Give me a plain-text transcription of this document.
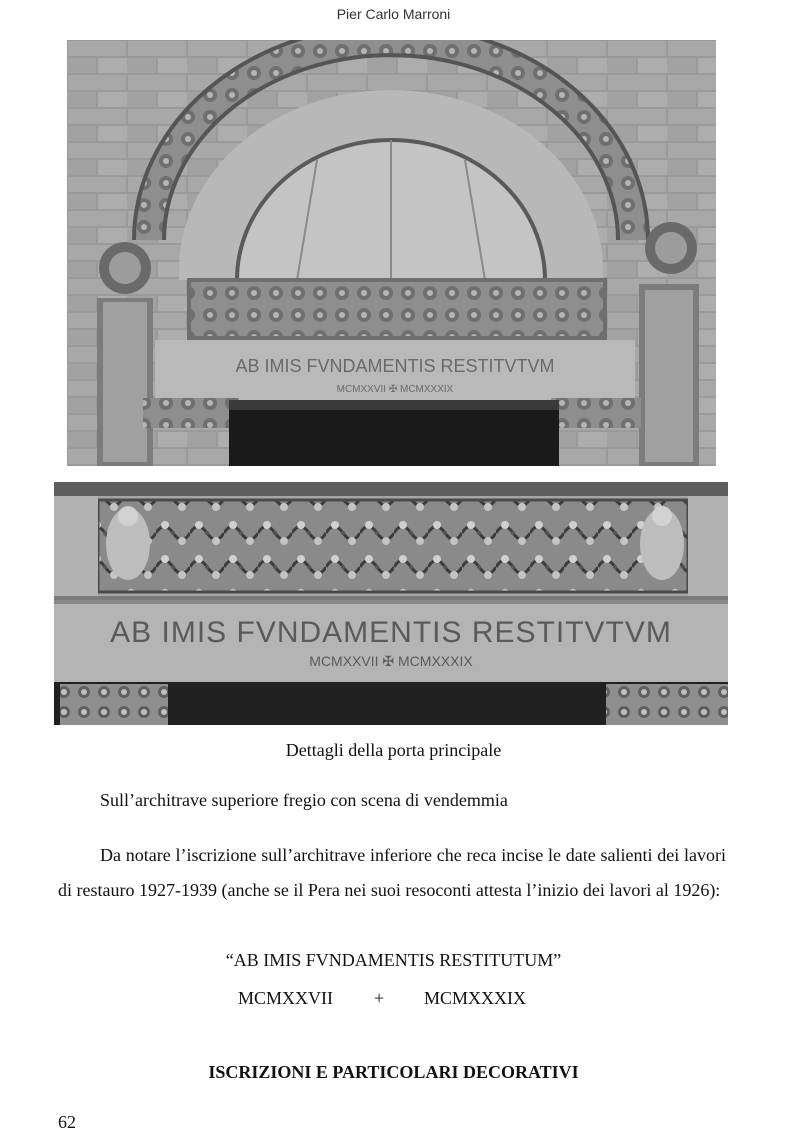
Pier Carlo Marroni
AB IMIS FVNDAMENTIS RESTITVTVM
MCMXXVII ✠ MCMXXXIX
AB IMIS FVNDAMENTIS RESTITVTVM
MCMXXVII ✠ MCMXXXIX
Dettagli della porta principale
Sull’architrave superiore fregio con scena di vendemmia

Da notare l’iscrizione sull’architrave inferiore che reca incise le date salienti dei lavori di restauro 1927-1939 (anche se il Pera nei suoi resoconti attesta l’inizio dei lavori al 1926):

“AB IMIS FVNDAMENTIS RESTITUTUM”
MCMXXVII + MCMXXXIX
ISCRIZIONI E PARTICOLARI DECORATIVI
62
